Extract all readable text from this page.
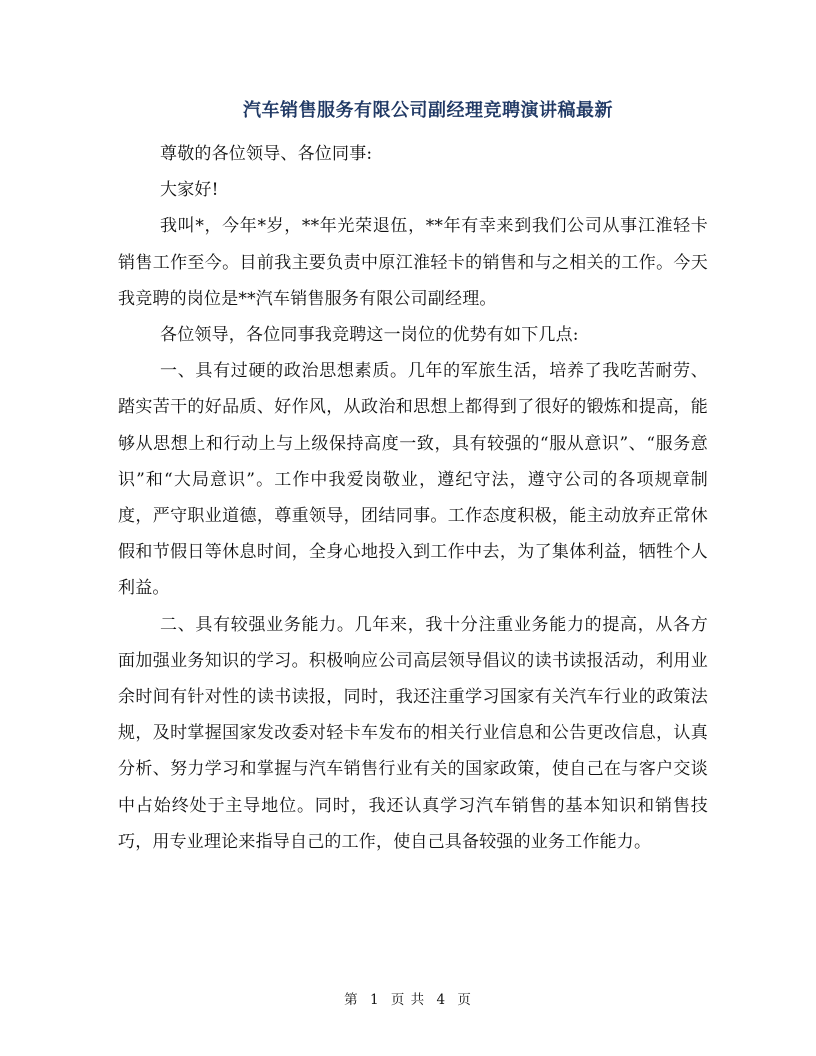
汽车销售服务有限公司副经理竞聘演讲稿最新

尊敬的各位领导、各位同事:

大家好!

我叫*，今年*岁，**年光荣退伍，**年有幸来到我们公司从事江淮轻卡销售工作至今。目前我主要负责中原江淮轻卡的销售和与之相关的工作。今天我竞聘的岗位是**汽车销售服务有限公司副经理。

各位领导，各位同事我竞聘这一岗位的优势有如下几点:

一、具有过硬的政治思想素质。几年的军旅生活，培养了我吃苦耐劳、踏实苦干的好品质、好作风，从政治和思想上都得到了很好的锻炼和提高，能够从思想上和行动上与上级保持高度一致，具有较强的“服从意识”、“服务意识”和“大局意识”。工作中我爱岗敬业，遵纪守法，遵守公司的各项规章制度，严守职业道德，尊重领导，团结同事。工作态度积极，能主动放弃正常休假和节假日等休息时间，全身心地投入到工作中去，为了集体利益，牺牲个人利益。

二、具有较强业务能力。几年来，我十分注重业务能力的提高，从各方面加强业务知识的学习。积极响应公司高层领导倡议的读书读报活动，利用业余时间有针对性的读书读报，同时，我还注重学习国家有关汽车行业的政策法规，及时掌握国家发改委对轻卡车发布的相关行业信息和公告更改信息，认真分析、努力学习和掌握与汽车销售行业有关的国家政策，使自己在与客户交谈中占始终处于主导地位。同时，我还认真学习汽车销售的基本知识和销售技巧，用专业理论来指导自己的工作，使自己具备较强的业务工作能力。

第 1 页 共 4 页
